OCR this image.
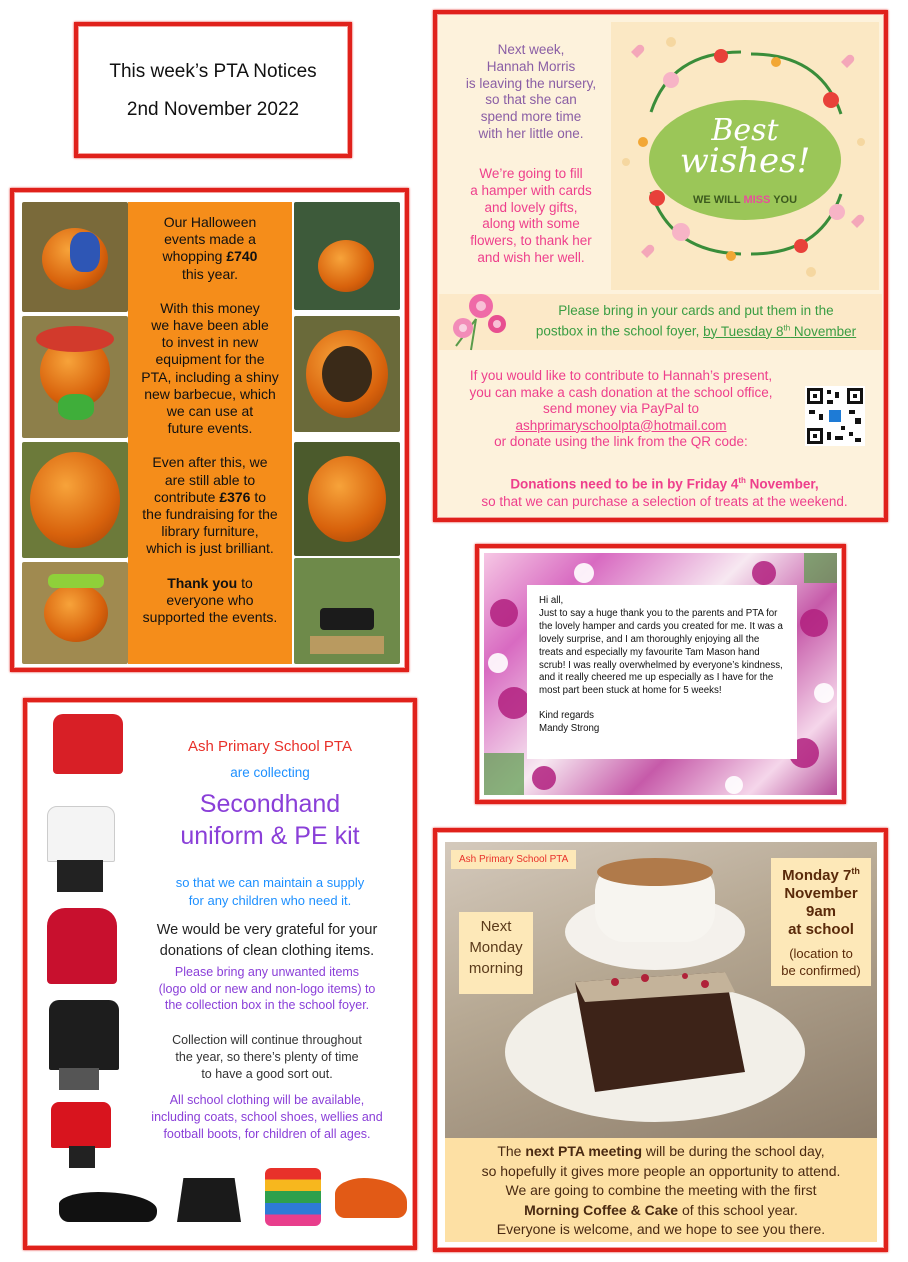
This week’s PTA Notices
2nd November 2022
Next week,
Hannah Morris
is leaving the nursery,
so that she can
spend more time
with her little one.
We’re going to fill
a hamper with cards
and lovely gifts,
along with some
flowers, to thank her
and wish her well.
Best
wishes!
WE WILL MISS YOU
Please bring in your cards and put them in the
postbox in the school foyer, by Tuesday 8th November
If you would like to contribute to Hannah’s present,
you can make a cash donation at the school office,
send money via PayPal to
ashprimaryschoolpta@hotmail.com
or donate using the link from the QR code:
Donations need to be in by Friday 4th November,
so that we can purchase a selection of treats at the weekend.
Our Halloween
events made a
whopping £740
this year.
With this money
we have been able
to invest in new
equipment for the
PTA, including a shiny
new barbecue, which
we can use at
future events.
Even after this, we
are still able to
contribute £376 to
the fundraising for the
library furniture,
which is just brilliant.
Thank you to
everyone who
supported the events.
Ash Primary School PTA
are collecting
Secondhand
uniform & PE kit
so that we can maintain a supply
for any children who need it.
We would be very grateful for your
donations of clean clothing items.
Please bring any unwanted items
(logo old or new and non-logo items) to
the collection box in the school foyer.
Collection will continue throughout
the year, so there’s plenty of time
to have a good sort out.
All school clothing will be available,
including coats, school shoes, wellies and
football boots, for children of all ages.
Hi all,
Just to say a huge thank you to the parents and PTA for the lovely hamper and cards you created for me. It was a lovely surprise, and I am thoroughly enjoying all the treats and especially my favourite Tam Mason hand scrub! I was really overwhelmed by everyone’s kindness, and it really cheered me up especially as I have for the most part been stuck at home for 5 weeks!
Kind regards
Mandy Strong
Ash Primary School PTA
Next
Monday
morning
Monday 7th
November
9am
at school
(location to
be confirmed)
The next PTA meeting will be during the school day,
so hopefully it gives more people an opportunity to attend.
We are going to combine the meeting with the first
Morning Coffee & Cake of this school year.
Everyone is welcome, and we hope to see you there.
